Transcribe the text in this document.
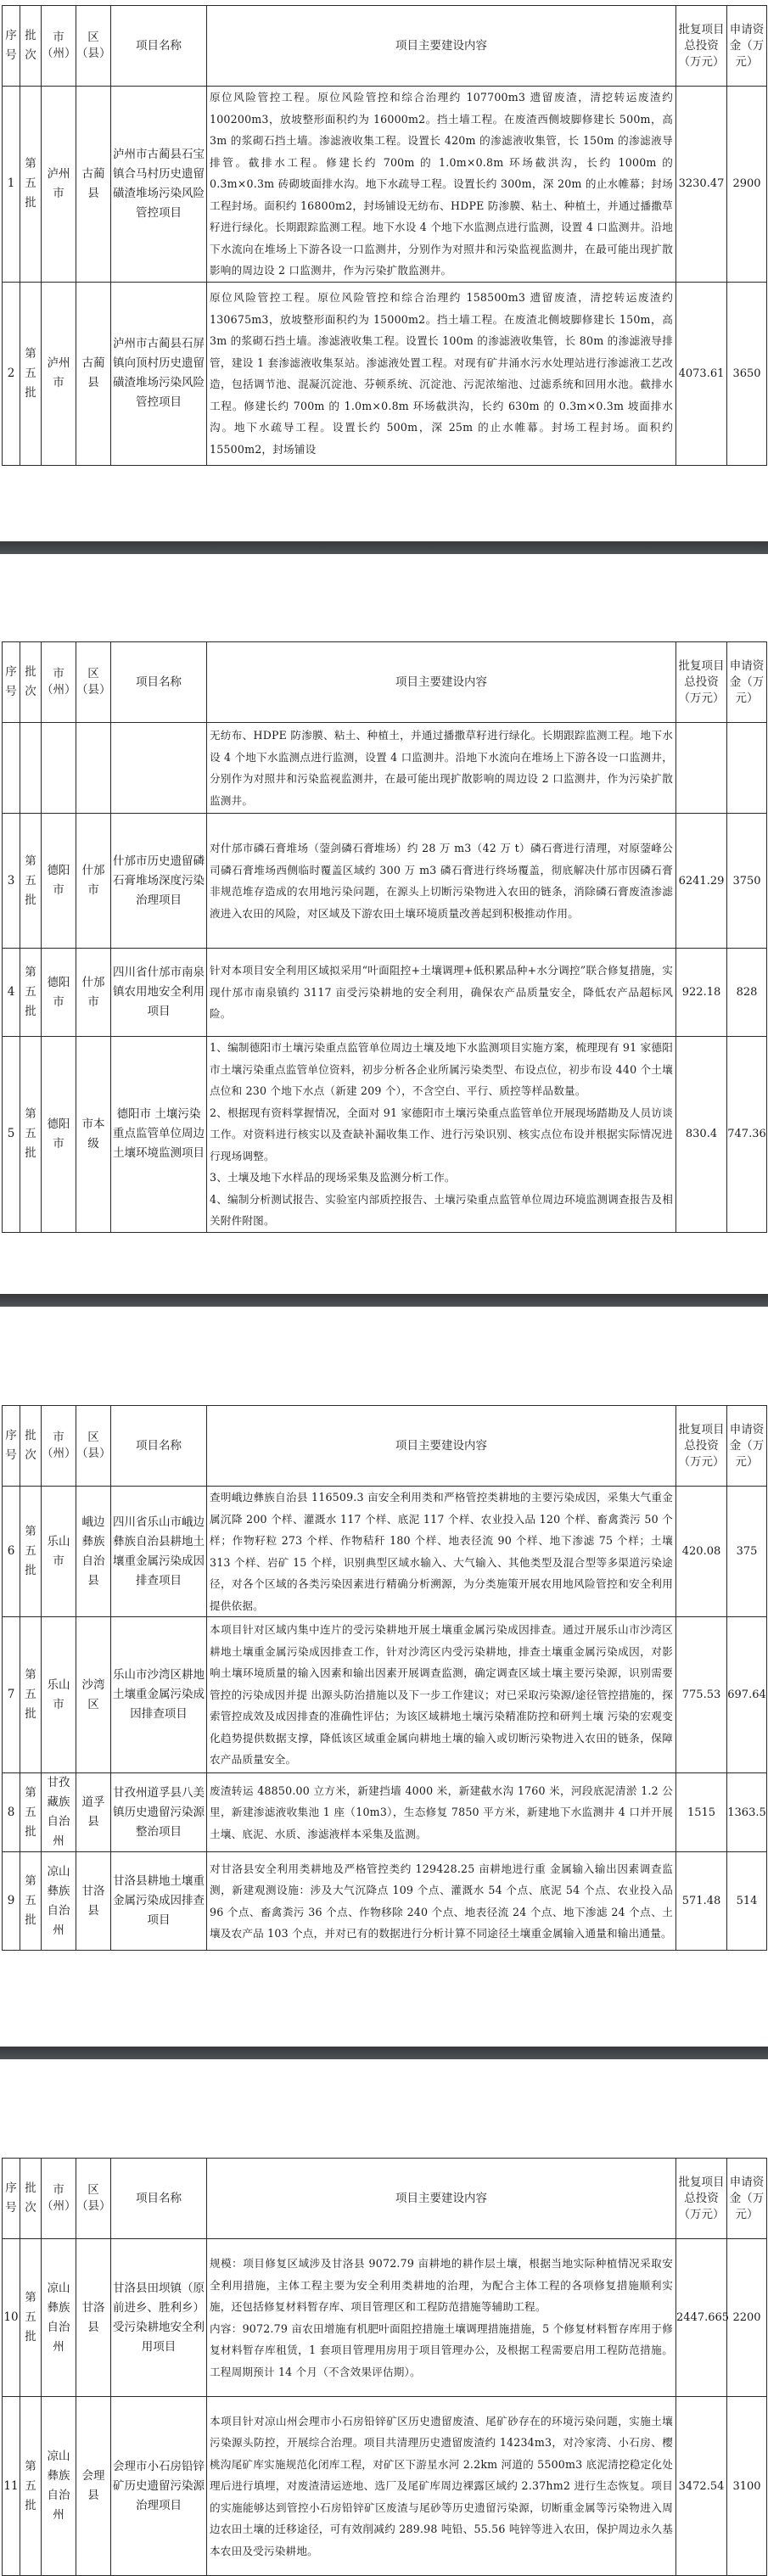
序号	批次	市（州）	区（县）	项目名称	项目主要建设内容	批复项目总投资（万元）	申请资金（万元）
1	第五批	泸州市	古蔺县	泸州市古蔺县石宝镇合马村历史遗留磺渣堆场污染风险管控项目	原位风险管控工程。原位风险管控和综合治理约 107700m3 遗留废渣，清挖转运废渣约 100200m3，放坡整形面积约为 16000m2。挡土墙工程。在废渣西侧坡脚修建长 500m，高 3m 的浆砌石挡土墙。渗滤液收集工程。设置长 420m 的渗滤液收集管，长 150m 的渗滤液导排管。截排水工程。修建长约 700m 的 1.0m×0.8m 环场截洪沟，长约 1000m 的 0.3m×0.3m 砖砌坡面排水沟。地下水疏导工程。设置长约 300m，深 20m 的止水帷幕；封场工程封场。面积约 16800m2，封场铺设无纺布、HDPE 防渗膜、粘土、种植土，并通过播撒草籽进行绿化。长期跟踪监测工程。地下水设 4 个地下水监测点进行监测，设置 4 口监测井。沿地下水流向在堆场上下游各设一口监测井，分别作为对照井和污染监视监测井，在最可能出现扩散影响的周边设 2 口监测井，作为污染扩散监测井。	3230.47	2900
2	第五批	泸州市	古蔺县	泸州市古蔺县石屏镇向顶村历史遗留磺渣堆场污染风险管控项目	原位风险管控工程。原位风险管控和综合治理约 158500m3 遗留废渣，清挖转运废渣约 130675m3，放坡整形面积约为 15000m2。挡土墙工程。在废渣北侧坡脚修建长 150m，高 3m 的浆砌石挡土墙。渗滤液收集工程。设置长 100m 的渗滤液收集管，长 80m 的渗滤液导排管，建设 1 套渗滤液收集泵站。渗滤液处置工程。对现有矿井涌水污水处理站进行渗滤液工艺改造，包括调节池、混凝沉淀池、芬顿系统、沉淀池、污泥浓缩池、过滤系统和回用水池。截排水工程。修建长约 700m 的 1.0m×0.8m 环场截洪沟，长约 630m 的 0.3m×0.3m 坡面排水沟。地下水疏导工程。设置长约 500m，深 25m 的止水帷幕。封场工程封场。面积约 15500m2，封场铺设	4073.61	3650
序号	批次	市（州）	区（县）	项目名称	项目主要建设内容	批复项目总投资（万元）	申请资金（万元）
					无纺布、HDPE 防渗膜、粘土、种植土，并通过播撒草籽进行绿化。长期跟踪监测工程。地下水设 4 个地下水监测点进行监测，设置 4 口监测井。沿地下水流向在堆场上下游各设一口监测井，分别作为对照井和污染监视监测井，在最可能出现扩散影响的周边设 2 口监测井，作为污染扩散监测井。		
3	第五批	德阳市	什邡市	什邡市历史遗留磷石膏堆场深度污染治理项目	对什邡市磷石膏堆场（蓥剑磷石膏堆场）约 28 万 m3（42 万 t）磷石膏进行清理，对原蓥峰公司磷石膏堆场西侧临时覆盖区域约 300 万 m3 磷石膏进行终场覆盖，彻底解决什邡市因磷石膏非规范堆存造成的农用地污染问题，在源头上切断污染物进入农田的链条，消除磷石膏废渣渗滤液进入农田的风险，对区域及下游农田土壤环境质量改善起到积极推动作用。	6241.29	3750
4	第五批	德阳市	什邡市	四川省什邡市南泉镇农用地安全利用项目	针对本项目安全利用区域拟采用“叶面阻控+土壤调理+低积累品种+水分调控”联合修复措施，实现什邡市南泉镇约 3117 亩受污染耕地的安全利用，确保农产品质量安全，降低农产品超标风险。	922.18	828
5	第五批	德阳市	市本级	德阳市 土壤污染重点监管单位周边土壤环境监测项目	1、编制德阳市土壤污染重点监管单位周边土壤及地下水监测项目实施方案，梳理现有 91 家德阳市土壤污染重点监管单位资料，初步分析各企业所属污染类型、布设点位，初步布设 440 个土壤点位和 230 个地下水点（新建 209 个），不含空白、平行、质控等样品数量。
2、根据现有资料掌握情况，全面对 91 家德阳市土壤污染重点监管单位开展现场踏勘及人员访谈工作。对资料进行核实以及查缺补漏收集工作、进行污染识别、核实点位布设并根据实际情况进行现场调整。
3、土壤及地下水样品的现场采集及监测分析工作。
4、编制分析测试报告、实验室内部质控报告、土壤污染重点监管单位周边环境监测调查报告及相关附件附图。	830.4	747.36
序号	批次	市（州）	区（县）	项目名称	项目主要建设内容	批复项目总投资（万元）	申请资金（万元）
6	第五批	乐山市	峨边彝族自治县	四川省乐山市峨边彝族自治县耕地土壤重金属污染成因排查项目	查明峨边彝族自治县 116509.3 亩安全利用类和严格管控类耕地的主要污染成因，采集大气重金属沉降 200 个样、灌溉水 117 个样、底泥 117 个样、农业投入品 120 个样、畜禽粪污 50 个样；作物籽粒 273 个样、作物秸秆 180 个样、地表径流 90 个样、地下渗滤 75 个样；土壤 313 个样、岩矿 15 个样，识别典型区域水输入、大气输入、其他类型及混合型等多渠道污染途径，对各个区域的各类污染因素进行精确分析溯源，为分类施策开展农用地风险管控和安全利用提供依据。	420.08	375
7	第五批	乐山市	沙湾区	乐山市沙湾区耕地土壤重金属污染成因排查项目	本项目针对区域内集中连片的受污染耕地开展土壤重金属污染成因排查。通过开展乐山市沙湾区耕地土壤重金属污染成因排查工作，针对沙湾区内受污染耕地，排查土壤重金属污染成因，对影响土壤环境质量的输入因素和输出因素开展调查监测，确定调查区域土壤主要污染源，识别需要管控的污染成因并提 出源头防治措施以及下一步工作建议；对已采取污染源/途径管控措施的，探索管控成效及成因排查的准确性评估；为该区域耕地土壤污染精准防控和研判土壤 污染的宏观变化趋势提供数据支撑，降低该区域重金属向耕地土壤的输入或切断污染物进入农田的链条，保障农产品质量安全。	775.53	697.64
8	第五批	甘孜藏族自治州	道孚县	甘孜州道孚县八美镇历史遗留污染源整治项目	废渣转运 48850.00 立方米，新建挡墙 4000 米，新建截水沟 1760 米，河段底泥清淤 1.2 公里，新建渗滤液收集池 1 座（10m3），生态修复 7850 平方米，新建地下水监测井 4 口并开展土壤、底泥、水质、渗滤液样本采集及监测。	1515	1363.5
9	第五批	凉山彝族自治州	甘洛县	甘洛县耕地土壤重金属污染成因排查项目	对甘洛县安全利用类耕地及严格管控类约 129428.25 亩耕地进行重 金属输入输出因素调查监测，新建观测设施：涉及大气沉降点 109 个点、灌溉水 54 个点、底泥 54 个点、农业投入品 96 个点、畜禽粪污 36 个点、作物移除 240 个点、地表径流 24 个点、地下渗滤 24 个点、土壤及农产品 103 个点，并对已有的数据进行分析计算不同途径土壤重金属输入通量和输出通量。	571.48	514
序号	批次	市（州）	区（县）	项目名称	项目主要建设内容	批复项目总投资（万元）	申请资金（万元）
10	第五批	凉山彝族自治州	甘洛县	甘洛县田坝镇（原前进乡、胜利乡）受污染耕地安全利用项目	规模：项目修复区域涉及甘洛县 9072.79 亩耕地的耕作层土壤，根据当地实际种植情况采取安全利用措施，主体工程主要为安全利用类耕地的治理，为配合主体工程的各项修复措施顺利实施，还包括修复材料暂存库、项目管理区和工程防范措施等辅助工程。
内容：9072.79 亩农田增施有机肥叶面阻控措施土壤调理措施措施，5 个修复材料暂存库用于修复材料暂存库租赁，1 套项目管理用房用于项目管理办公，及根据工程需要启用工程防范措施。工程周期预计 14 个月（不含效果评估期）。	2447.665	2200
11	第五批	凉山彝族自治州	会理县	会理市小石房铅锌矿历史遗留污染源治理项目	本项目针对凉山州会理市小石房铅锌矿区历史遗留废渣、尾矿砂存在的环境污染问题，实施土壤污染源头防控，开展综合治理。项目共清理历史遗留废渣约 14234m3，对冷家湾、小石房、樱桃沟尾矿库实施规范化闭库工程，对矿区下游星水河 2.2km 河道的 5500m3 底泥清挖稳定化处理后进行填埋，对废渣清运迹地、选厂及尾矿库周边裸露区域约 2.37hm2 进行生态恢复。项目的实施能够达到管控小石房铅锌矿区废渣与尾砂等历史遗留污染源，切断重金属等污染物进入周边农田土壤的迁移途径，可有效削减约 289.98 吨铅、55.56 吨锌等进入农田，保护周边永久基本农田及受污染耕地。	3472.54	3100
